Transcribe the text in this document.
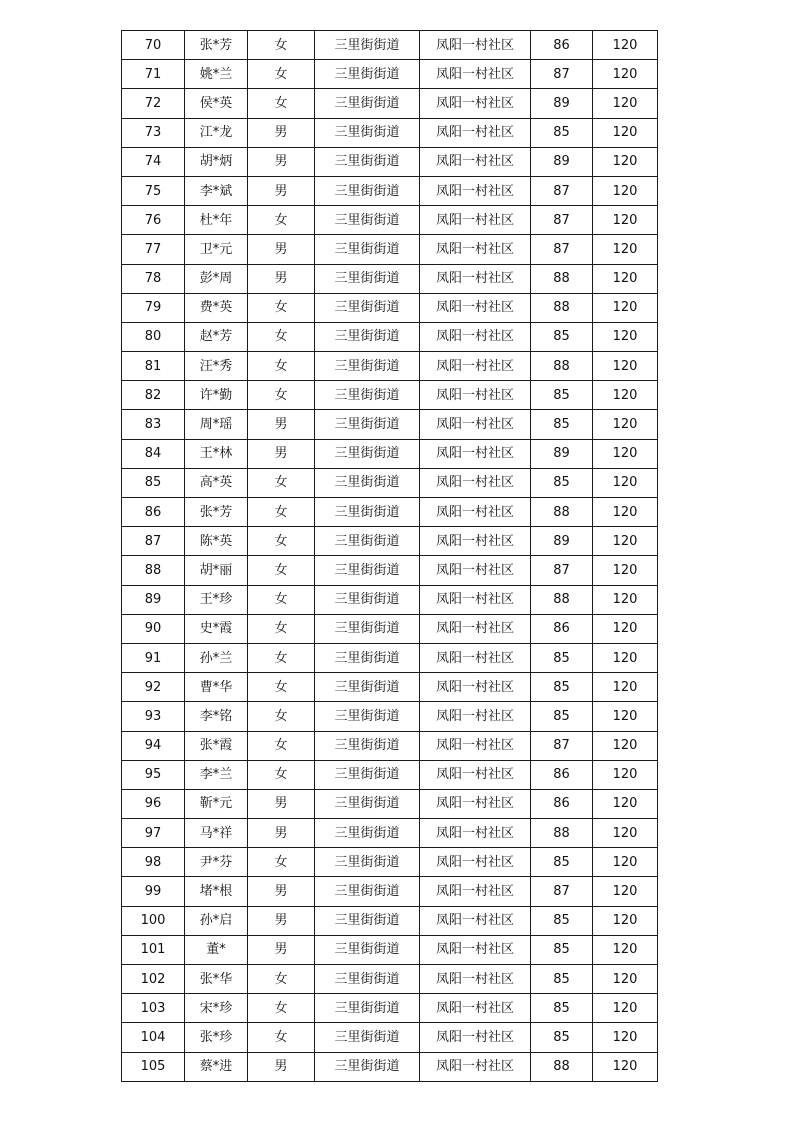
70	张*芳	女	三里街街道	凤阳一村社区	86	120
71	姚*兰	女	三里街街道	凤阳一村社区	87	120
72	侯*英	女	三里街街道	凤阳一村社区	89	120
73	江*龙	男	三里街街道	凤阳一村社区	85	120
74	胡*炳	男	三里街街道	凤阳一村社区	89	120
75	李*斌	男	三里街街道	凤阳一村社区	87	120
76	杜*年	女	三里街街道	凤阳一村社区	87	120
77	卫*元	男	三里街街道	凤阳一村社区	87	120
78	彭*周	男	三里街街道	凤阳一村社区	88	120
79	费*英	女	三里街街道	凤阳一村社区	88	120
80	赵*芳	女	三里街街道	凤阳一村社区	85	120
81	汪*秀	女	三里街街道	凤阳一村社区	88	120
82	许*勤	女	三里街街道	凤阳一村社区	85	120
83	周*瑶	男	三里街街道	凤阳一村社区	85	120
84	王*林	男	三里街街道	凤阳一村社区	89	120
85	高*英	女	三里街街道	凤阳一村社区	85	120
86	张*芳	女	三里街街道	凤阳一村社区	88	120
87	陈*英	女	三里街街道	凤阳一村社区	89	120
88	胡*丽	女	三里街街道	凤阳一村社区	87	120
89	王*珍	女	三里街街道	凤阳一村社区	88	120
90	史*霞	女	三里街街道	凤阳一村社区	86	120
91	孙*兰	女	三里街街道	凤阳一村社区	85	120
92	曹*华	女	三里街街道	凤阳一村社区	85	120
93	李*铭	女	三里街街道	凤阳一村社区	85	120
94	张*霞	女	三里街街道	凤阳一村社区	87	120
95	李*兰	女	三里街街道	凤阳一村社区	86	120
96	靳*元	男	三里街街道	凤阳一村社区	86	120
97	马*祥	男	三里街街道	凤阳一村社区	88	120
98	尹*芬	女	三里街街道	凤阳一村社区	85	120
99	堵*根	男	三里街街道	凤阳一村社区	87	120
100	孙*启	男	三里街街道	凤阳一村社区	85	120
101	董*	男	三里街街道	凤阳一村社区	85	120
102	张*华	女	三里街街道	凤阳一村社区	85	120
103	宋*珍	女	三里街街道	凤阳一村社区	85	120
104	张*珍	女	三里街街道	凤阳一村社区	85	120
105	蔡*进	男	三里街街道	凤阳一村社区	88	120
